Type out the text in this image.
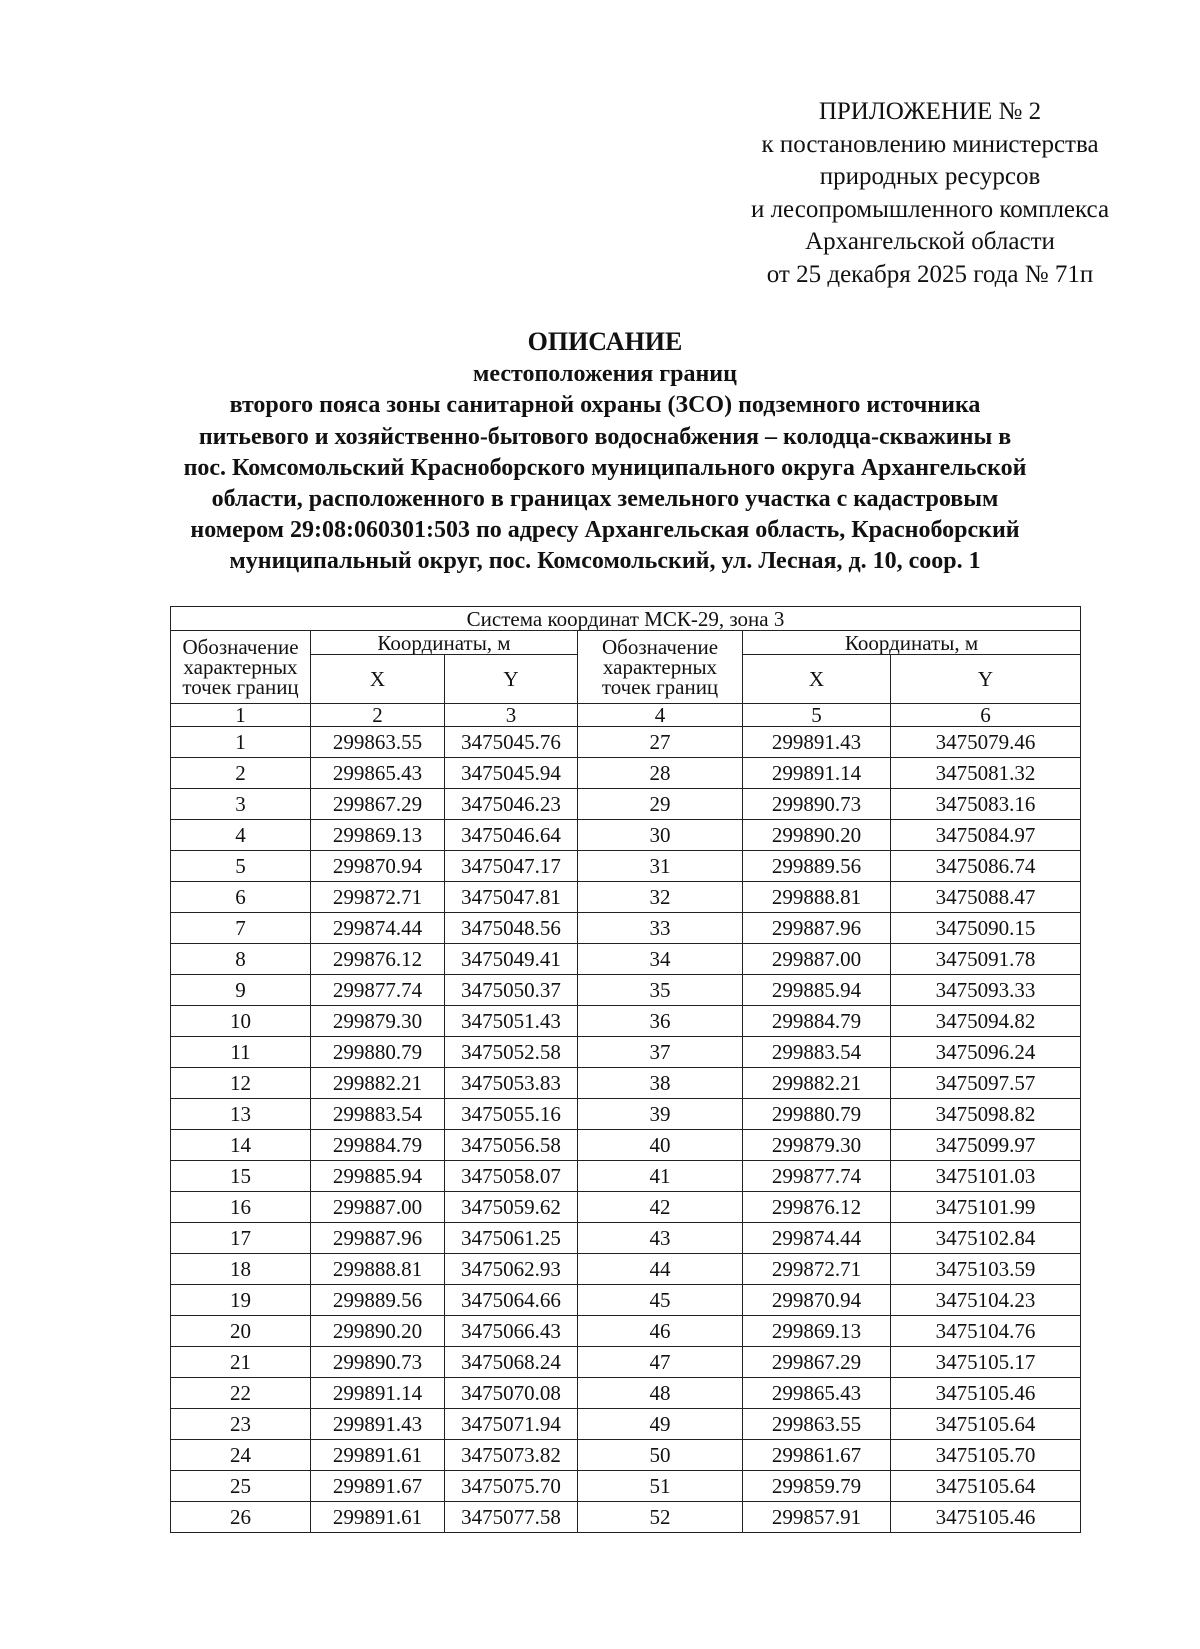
ПРИЛОЖЕНИЕ № 2
к постановлению министерства
природных ресурсов
и лесопромышленного комплекса
Архангельской области
от 25 декабря 2025 года № 71п
ОПИСАНИЕ
местоположения границ
второго пояса зоны санитарной охраны (ЗСО) подземного источника
питьевого и хозяйственно-бытового водоснабжения – колодца-скважины в
пос. Комсомольский Красноборского муниципального округа Архангельской
области, расположенного в границах земельного участка с кадастровым
номером 29:08:060301:503 по адресу Архангельская область, Красноборский
муниципальный округ, пос. Комсомольский, ул. Лесная, д. 10, соор. 1
Система координат МСК-29, зона 3					
Обозначение характерных точек границ	Координаты, м		Обозначение характерных точек границ	Координаты, м	
	X	Y		X	Y
1	2	3	4	5	6
1	299863.55	3475045.76	27	299891.43	3475079.46
2	299865.43	3475045.94	28	299891.14	3475081.32
3	299867.29	3475046.23	29	299890.73	3475083.16
4	299869.13	3475046.64	30	299890.20	3475084.97
5	299870.94	3475047.17	31	299889.56	3475086.74
6	299872.71	3475047.81	32	299888.81	3475088.47
7	299874.44	3475048.56	33	299887.96	3475090.15
8	299876.12	3475049.41	34	299887.00	3475091.78
9	299877.74	3475050.37	35	299885.94	3475093.33
10	299879.30	3475051.43	36	299884.79	3475094.82
11	299880.79	3475052.58	37	299883.54	3475096.24
12	299882.21	3475053.83	38	299882.21	3475097.57
13	299883.54	3475055.16	39	299880.79	3475098.82
14	299884.79	3475056.58	40	299879.30	3475099.97
15	299885.94	3475058.07	41	299877.74	3475101.03
16	299887.00	3475059.62	42	299876.12	3475101.99
17	299887.96	3475061.25	43	299874.44	3475102.84
18	299888.81	3475062.93	44	299872.71	3475103.59
19	299889.56	3475064.66	45	299870.94	3475104.23
20	299890.20	3475066.43	46	299869.13	3475104.76
21	299890.73	3475068.24	47	299867.29	3475105.17
22	299891.14	3475070.08	48	299865.43	3475105.46
23	299891.43	3475071.94	49	299863.55	3475105.64
24	299891.61	3475073.82	50	299861.67	3475105.70
25	299891.67	3475075.70	51	299859.79	3475105.64
26	299891.61	3475077.58	52	299857.91	3475105.46
